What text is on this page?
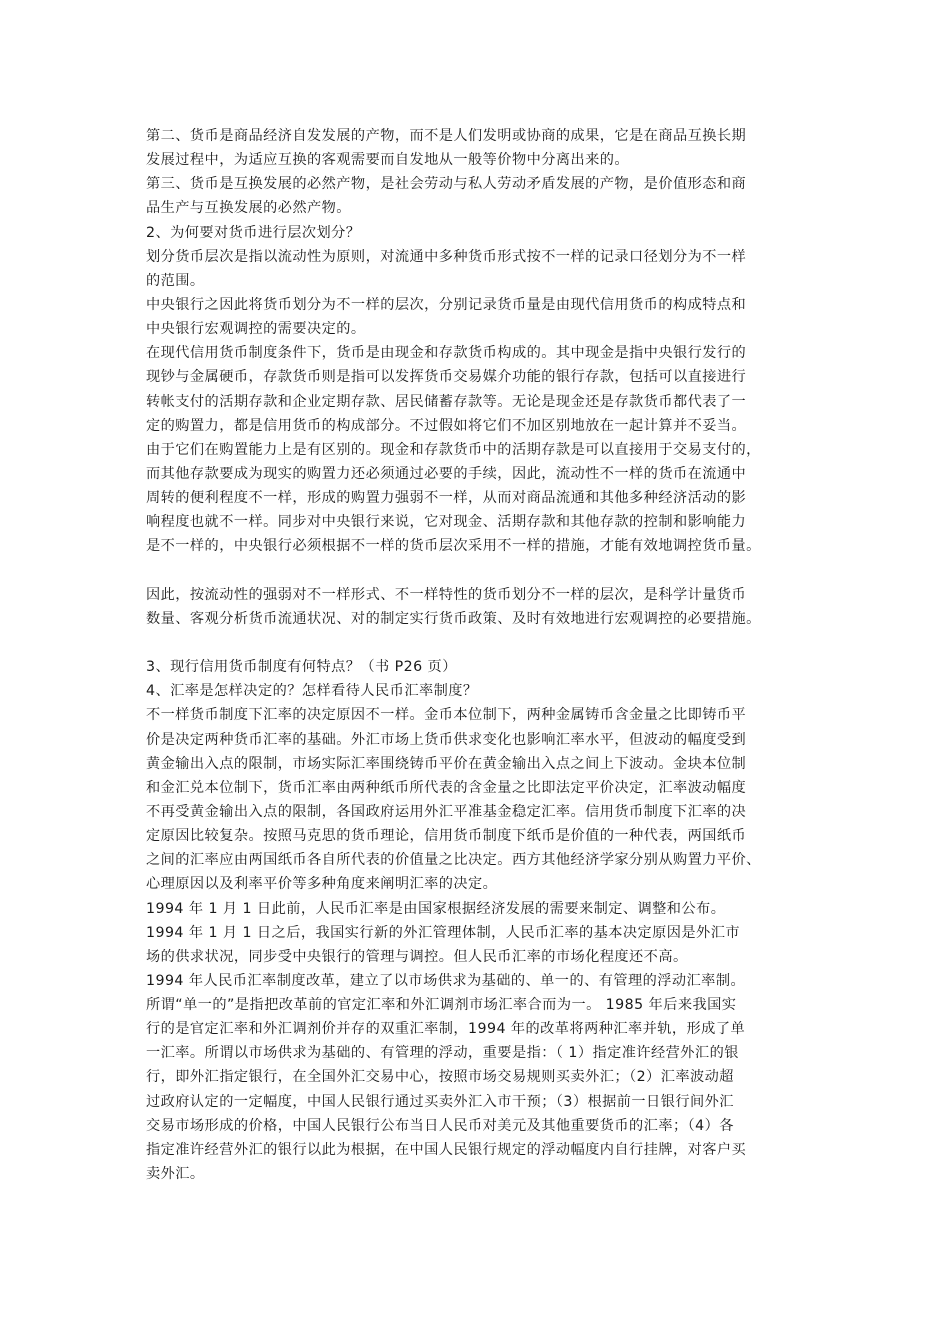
第二、货币是商品经济自发发展的产物，而不是人们发明或协商的成果，它是在商品互换长期
发展过程中，为适应互换的客观需要而自发地从一般等价物中分离出来的。
第三、货币是互换发展的必然产物，是社会劳动与私人劳动矛盾发展的产物，是价值形态和商
品生产与互换发展的必然产物。
2、为何要对货币进行层次划分？
划分货币层次是指以流动性为原则，对流通中多种货币形式按不一样的记录口径划分为不一样
的范围。
中央银行之因此将货币划分为不一样的层次，分别记录货币量是由现代信用货币的构成特点和
中央银行宏观调控的需要决定的。
在现代信用货币制度条件下，货币是由现金和存款货币构成的。其中现金是指中央银行发行的
现钞与金属硬币，存款货币则是指可以发挥货币交易媒介功能的银行存款，包括可以直接进行
转帐支付的活期存款和企业定期存款、居民储蓄存款等。无论是现金还是存款货币都代表了一
定的购置力，都是信用货币的构成部分。不过假如将它们不加区别地放在一起计算并不妥当。
由于它们在购置能力上是有区别的。现金和存款货币中的活期存款是可以直接用于交易支付的，
而其他存款要成为现实的购置力还必须通过必要的手续，因此，流动性不一样的货币在流通中
周转的便利程度不一样，形成的购置力强弱不一样，从而对商品流通和其他多种经济活动的影
响程度也就不一样。同步对中央银行来说，它对现金、活期存款和其他存款的控制和影响能力
是不一样的，中央银行必须根据不一样的货币层次采用不一样的措施，才能有效地调控货币量。
因此，按流动性的强弱对不一样形式、不一样特性的货币划分不一样的层次，是科学计量货币
数量、客观分析货币流通状况、对的制定实行货币政策、及时有效地进行宏观调控的必要措施。
3、现行信用货币制度有何特点？（书 P26 页）
4、汇率是怎样决定的？怎样看待人民币汇率制度？
不一样货币制度下汇率的决定原因不一样。金币本位制下，两种金属铸币含金量之比即铸币平
价是决定两种货币汇率的基础。外汇市场上货币供求变化也影响汇率水平，但波动的幅度受到
黄金输出入点的限制，市场实际汇率围绕铸币平价在黄金输出入点之间上下波动。金块本位制
和金汇兑本位制下，货币汇率由两种纸币所代表的含金量之比即法定平价决定，汇率波动幅度
不再受黄金输出入点的限制，各国政府运用外汇平准基金稳定汇率。信用货币制度下汇率的决
定原因比较复杂。按照马克思的货币理论，信用货币制度下纸币是价值的一种代表，两国纸币
之间的汇率应由两国纸币各自所代表的价值量之比决定。西方其他经济学家分别从购置力平价、
心理原因以及利率平价等多种角度来阐明汇率的决定。
1994 年 1 月 1 日此前，人民币汇率是由国家根据经济发展的需要来制定、调整和公布。
1994 年 1 月 1 日之后，我国实行新的外汇管理体制，人民币汇率的基本决定原因是外汇市
场的供求状况，同步受中央银行的管理与调控。但人民币汇率的市场化程度还不高。
1994 年人民币汇率制度改革，建立了以市场供求为基础的、单一的、有管理的浮动汇率制。
所谓“单一的”是指把改革前的官定汇率和外汇调剂市场汇率合而为一。 1985 年后来我国实
行的是官定汇率和外汇调剂价并存的双重汇率制，1994 年的改革将两种汇率并轨，形成了单
一汇率。所谓以市场供求为基础的、有管理的浮动，重要是指：（ 1）指定准许经营外汇的银
行，即外汇指定银行，在全国外汇交易中心，按照市场交易规则买卖外汇；（2）汇率波动超
过政府认定的一定幅度，中国人民银行通过买卖外汇入市干预；（3）根据前一日银行间外汇
交易市场形成的价格，中国人民银行公布当日人民币对美元及其他重要货币的汇率；（4）各
指定准许经营外汇的银行以此为根据，在中国人民银行规定的浮动幅度内自行挂牌，对客户买
卖外汇。
